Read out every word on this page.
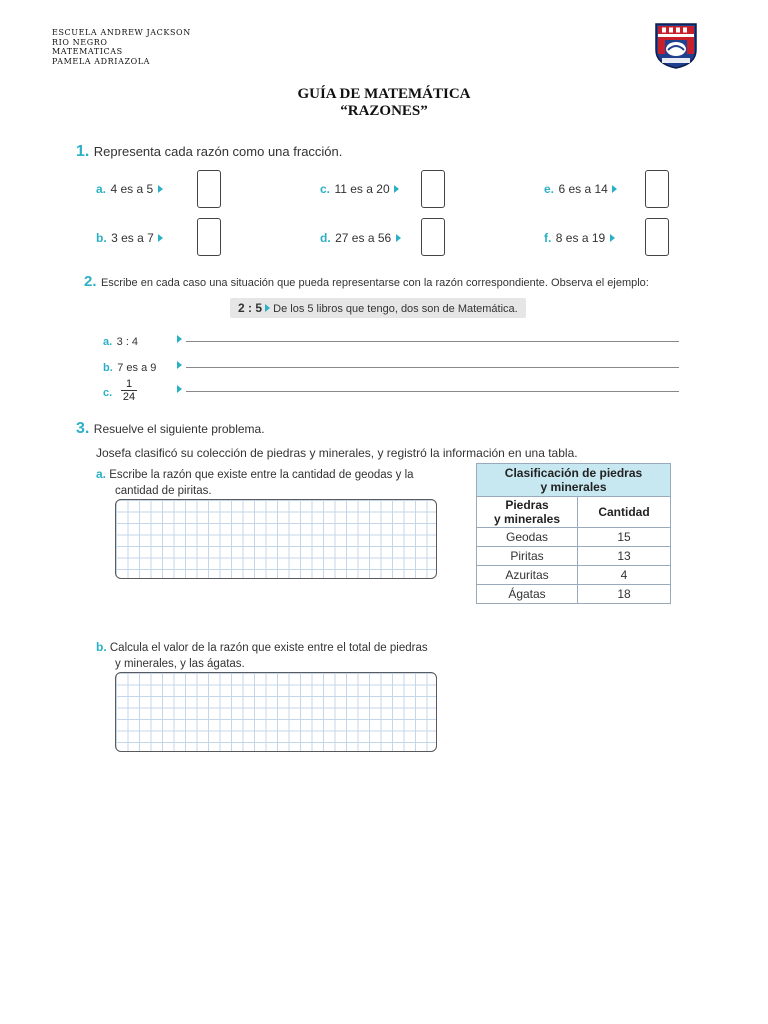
ESCUELA ANDREW JACKSON
RIO NEGRO
MATEMATICAS
PAMELA ADRIAZOLA
GUÍA DE MATEMÁTICA
“RAZONES”
1. Representa cada razón como una fracción.
a. 4 es a 5	c. 11 es a 20	e. 6 es a 14
b. 3 es a 7	d. 27 es a 56	f. 8 es a 19
2. Escribe en cada caso una situación que pueda representarse con la razón correspondiente. Observa el ejemplo:
2 : 5 De los 5 libros que tengo, dos son de Matemática.
a. 3 : 4
b. 7 es a 9
c. $\frac{1}{24}$
3. Resuelve el siguiente problema.
Josefa clasificó su colección de piedras y minerales, y registró la información en una tabla.
a. Escribe la razón que existe entre la cantidad de geodas y la
cantidad de piritas.
Clasificación de piedras
y minerales	

Piedras
y minerales	Cantidad
Geodas	15
Piritas	13
Azuritas	4
Ágatas	18
b. Calcula el valor de la razón que existe entre el total de piedras
y minerales, y las ágatas.
